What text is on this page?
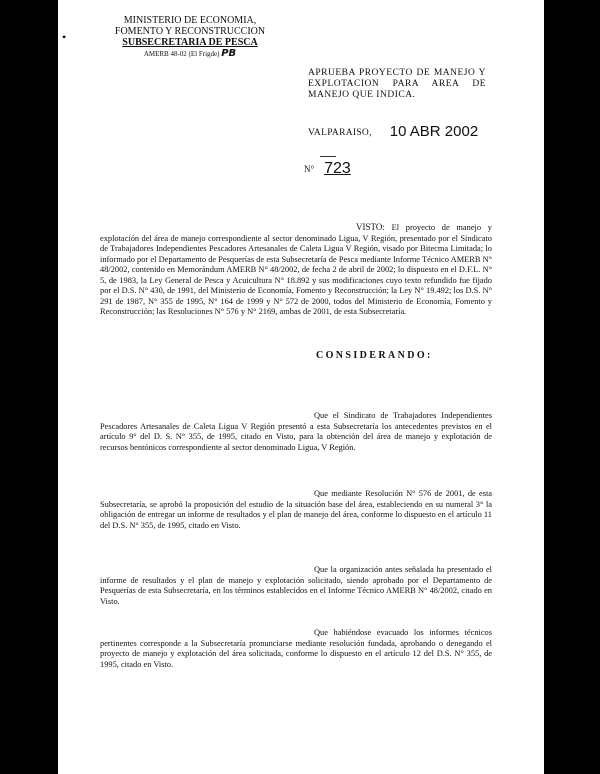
•
MINISTERIO DE ECONOMIA,
FOMENTO Y RECONSTRUCCION
SUBSECRETARIA DE PESCA
AMERB 48-02 (El Frigde) PB
APRUEBA PROYECTO DE MANEJO Y EXPLOTACION PARA AREA DE MANEJO QUE INDICA.
VALPARAISO, 10 ABR 2002
N° 723
VISTO: El proyecto de manejo y explotación del área de manejo correspondiente al sector denominado Ligua, V Región, presentado por el Sindicato de Trabajadores Independientes Pescadores Artesanales de Caleta Ligua V Región, visado por Bitecma Limitada; lo informado por el Departamento de Pesquerías de esta Subsecretaría de Pesca mediante Informe Técnico AMERB N° 48/2002, contenido en Memorándum AMERB N° 48/2002, de fecha 2 de abril de 2002; lo dispuesto en el D.F.L. N° 5, de 1983, la Ley General de Pesca y Acuicultura N° 18.892 y sus modificaciones cuyo texto refundido fue fijado por el D.S. N° 430, de 1991, del Ministerio de Economía, Fomento y Reconstrucción; la Ley N° 19.492; los D.S. N° 291 de 1987, N° 355 de 1995, N° 164 de 1999 y N° 572 de 2000, todos del Ministerio de Economía, Fomento y Reconstrucción; las Resoluciones N° 576 y N° 2169, ambas de 2001, de esta Subsecretaría.
CONSIDERANDO:
Que el Sindicato de Trabajadores Independientes Pescadores Artesanales de Caleta Ligua V Región presentó a esta Subsecretaría los antecedentes previstos en el artículo 9° del D. S. N° 355, de 1995, citado en Visto, para la obtención del área de manejo y explotación de recursos bentónicos correspondiente al sector denominado Ligua, V Región.
Que mediante Resolución N° 576 de 2001, de esta Subsecretaría, se aprobó la proposición del estudio de la situación base del área, estableciendo en su numeral 3° la obligación de entregar un informe de resultados y el plan de manejo del área, conforme lo dispuesto en el artículo 11 del D.S. N° 355, de 1995, citado en Visto.
Que la organización antes señalada ha presentado el informe de resultados y el plan de manejo y explotación solicitado, siendo aprobado por el Departamento de Pesquerías de esta Subsecretaría, en los términos establecidos en el Informe Técnico AMERB N° 48/2002, citado en Visto.
Que habiéndose evacuado los informes técnicos pertinentes corresponde a la Subsecretaría pronunciarse mediante resolución fundada, aprobando o denegando el proyecto de manejo y explotación del área solicitada, conforme lo dispuesto en el artículo 12 del D.S. N° 355, de 1995, citado en Visto.
